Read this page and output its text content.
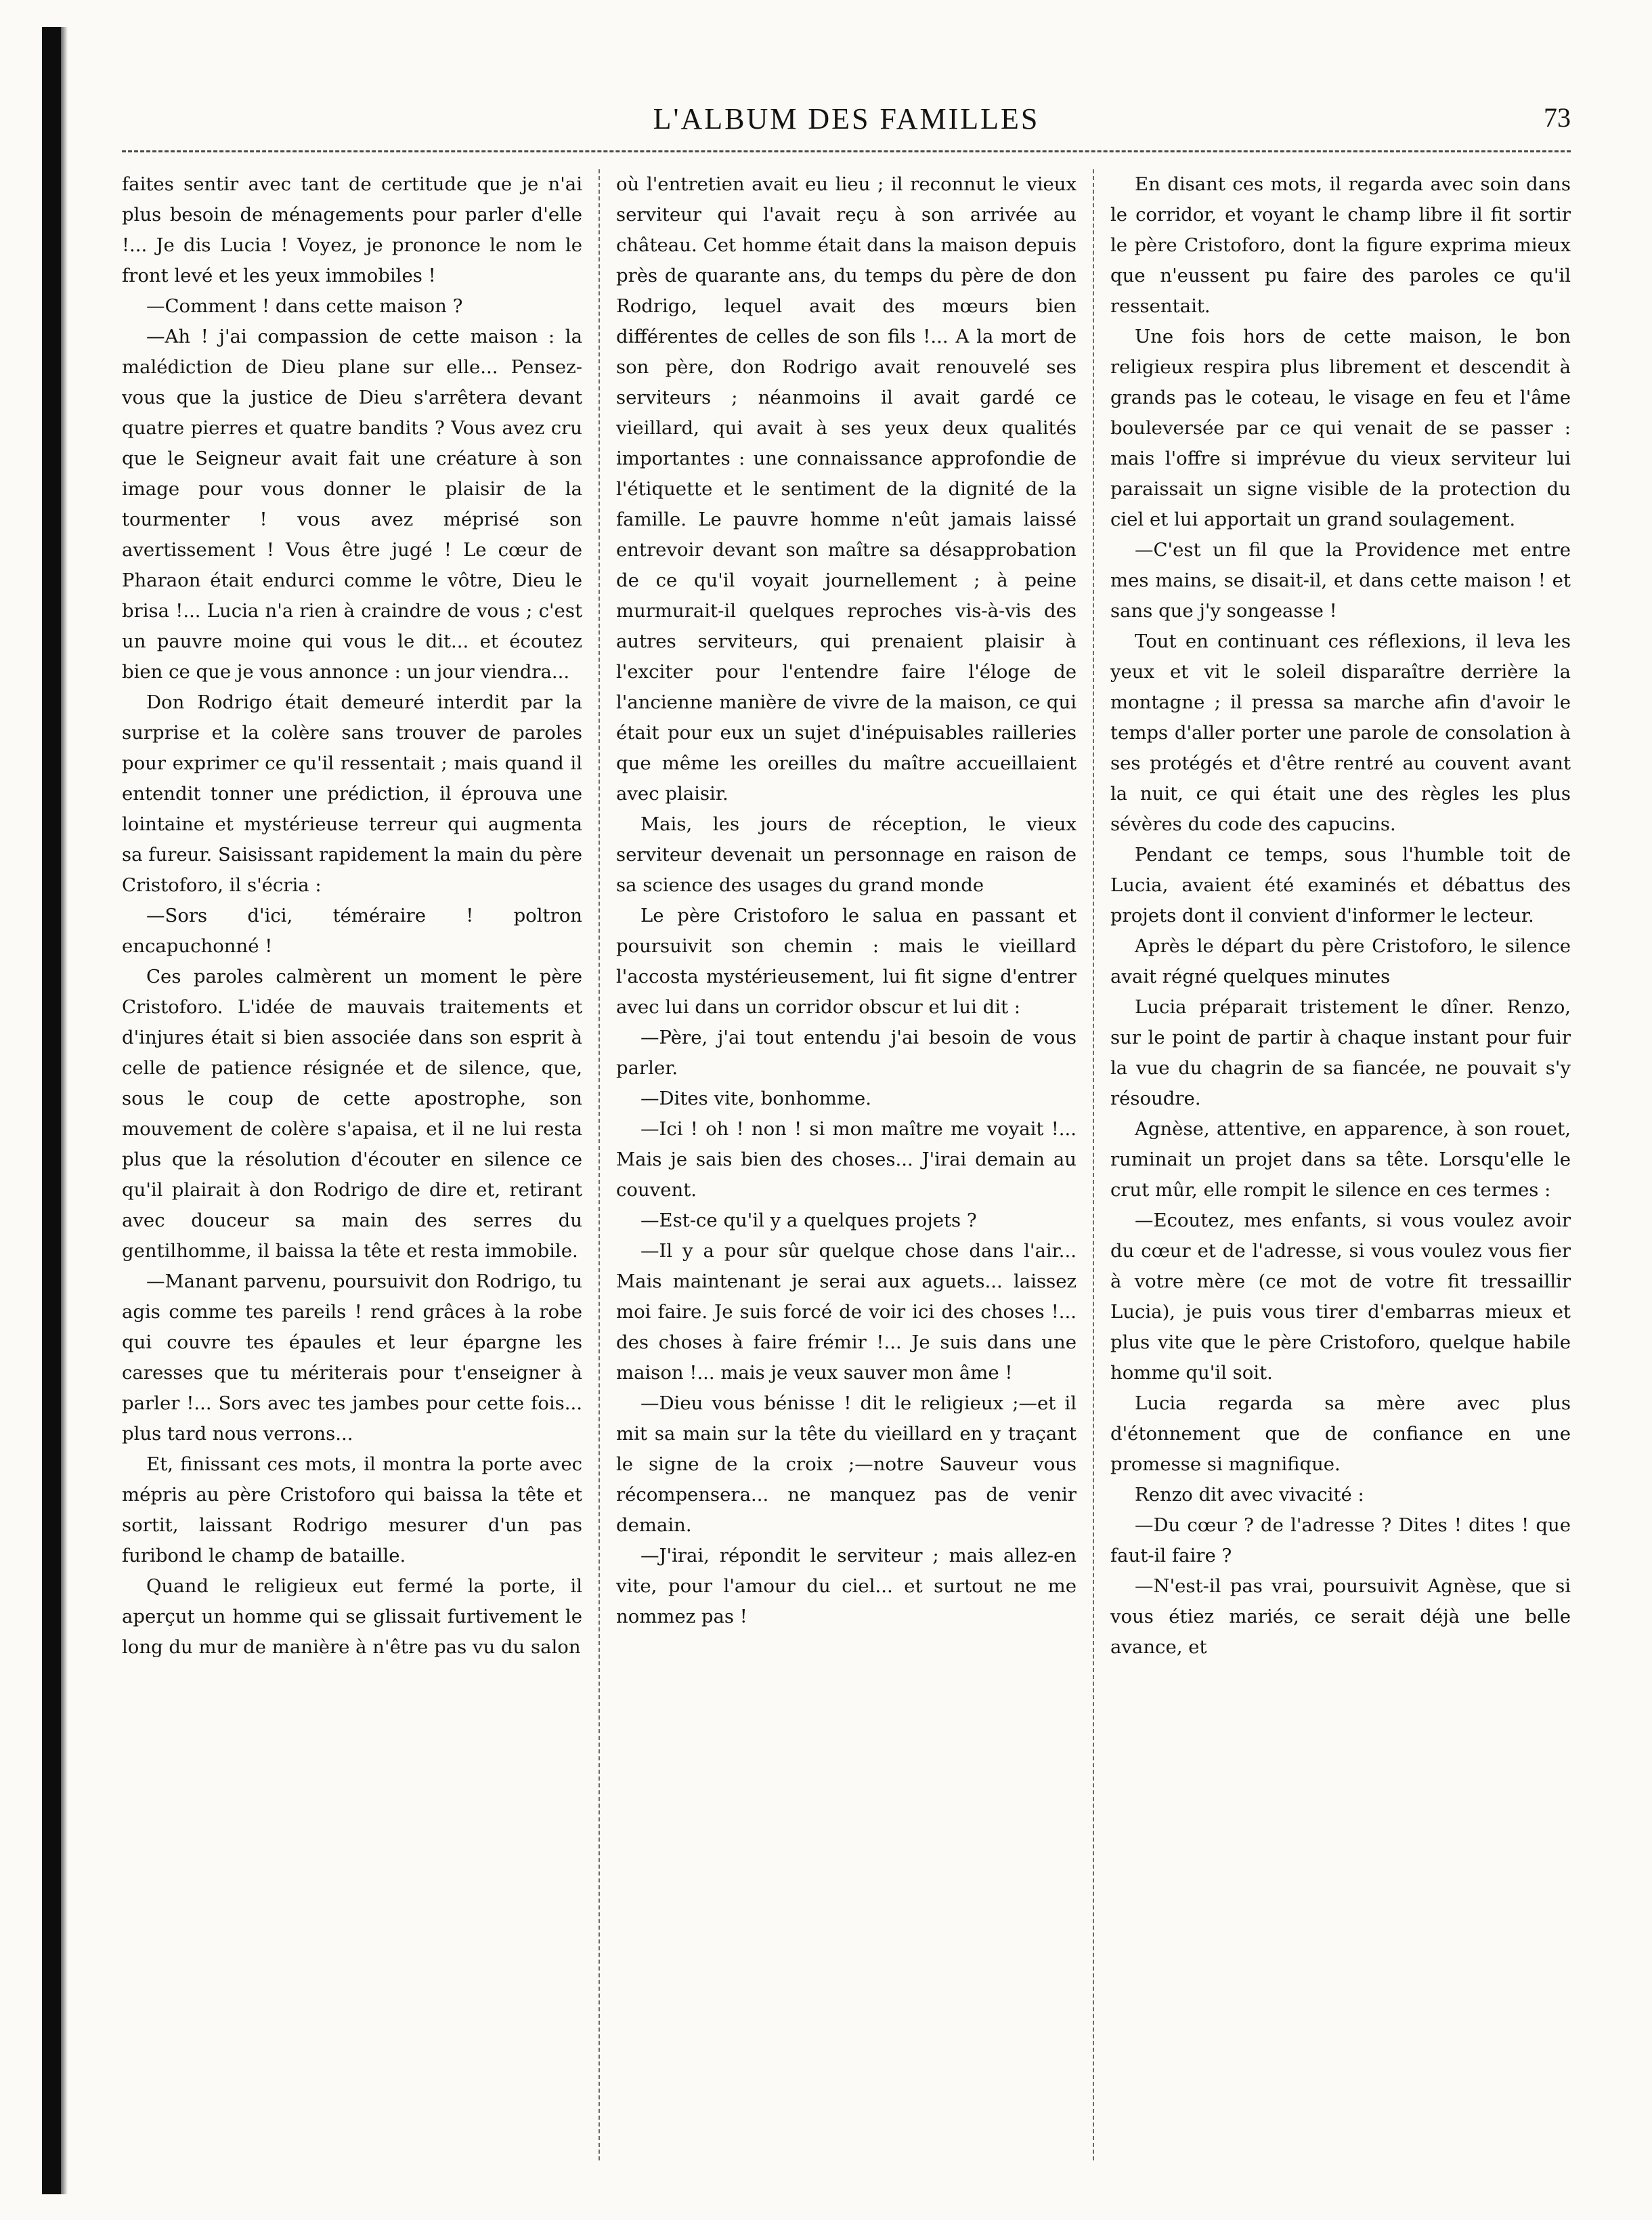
L'ALBUM DES FAMILLES	73

faites sentir avec tant de certitude que je n'ai plus besoin de ménagements pour parler d'elle !... Je dis Lucia ! Voyez, je prononce le nom le front levé et les yeux immobiles !

—Comment ! dans cette maison ?

—Ah ! j'ai compassion de cette maison : la malédiction de Dieu plane sur elle... Pensez-vous que la justice de Dieu s'arrêtera devant quatre pierres et quatre bandits ? Vous avez cru que le Seigneur avait fait une créature à son image pour vous donner le plaisir de la tourmenter ! vous avez méprisé son avertissement ! Vous être jugé ! Le cœur de Pharaon était endurci comme le vôtre, Dieu le brisa !... Lucia n'a rien à craindre de vous ; c'est un pauvre moine qui vous le dit... et écoutez bien ce que je vous annonce : un jour viendra...

Don Rodrigo était demeuré interdit par la surprise et la colère sans trouver de paroles pour exprimer ce qu'il ressentait ; mais quand il entendit tonner une prédiction, il éprouva une lointaine et mystérieuse terreur qui augmenta sa fureur. Saisissant rapidement la main du père Cristoforo, il s'écria :

—Sors d'ici, téméraire ! poltron encapuchonné !

Ces paroles calmèrent un moment le père Cristoforo. L'idée de mauvais traitements et d'injures était si bien associée dans son esprit à celle de patience résignée et de silence, que, sous le coup de cette apostrophe, son mouvement de colère s'apaisa, et il ne lui resta plus que la résolution d'écouter en silence ce qu'il plairait à don Rodrigo de dire et, retirant avec douceur sa main des serres du gentilhomme, il baissa la tête et resta immobile.

—Manant parvenu, poursuivit don Rodrigo, tu agis comme tes pareils ! rend grâces à la robe qui couvre tes épaules et leur épargne les caresses que tu mériterais pour t'enseigner à parler !... Sors avec tes jambes pour cette fois... plus tard nous verrons...

Et, finissant ces mots, il montra la porte avec mépris au père Cristoforo qui baissa la tête et sortit, laissant Rodrigo mesurer d'un pas furibond le champ de bataille.

Quand le religieux eut fermé la porte, il aperçut un homme qui se glissait furtivement le long du mur de manière à n'être pas vu du salon

où l'entretien avait eu lieu ; il reconnut le vieux serviteur qui l'avait reçu à son arrivée au château. Cet homme était dans la maison depuis près de quarante ans, du temps du père de don Rodrigo, lequel avait des mœurs bien différentes de celles de son fils !... A la mort de son père, don Rodrigo avait renouvelé ses serviteurs ; néanmoins il avait gardé ce vieillard, qui avait à ses yeux deux qualités importantes : une connaissance approfondie de l'étiquette et le sentiment de la dignité de la famille. Le pauvre homme n'eût jamais laissé entrevoir devant son maître sa désapprobation de ce qu'il voyait journellement ; à peine murmurait-il quelques reproches vis-à-vis des autres serviteurs, qui prenaient plaisir à l'exciter pour l'entendre faire l'éloge de l'ancienne manière de vivre de la maison, ce qui était pour eux un sujet d'inépuisables railleries que même les oreilles du maître accueillaient avec plaisir.

Mais, les jours de réception, le vieux serviteur devenait un personnage en raison de sa science des usages du grand monde

Le père Cristoforo le salua en passant et poursuivit son chemin : mais le vieillard l'accosta mystérieusement, lui fit signe d'entrer avec lui dans un corridor obscur et lui dit :

—Père, j'ai tout entendu j'ai besoin de vous parler.

—Dites vite, bonhomme.

—Ici ! oh ! non ! si mon maître me voyait !... Mais je sais bien des choses... J'irai demain au couvent.

—Est-ce qu'il y a quelques projets ?

—Il y a pour sûr quelque chose dans l'air... Mais maintenant je serai aux aguets... laissez moi faire. Je suis forcé de voir ici des choses !... des choses à faire frémir !... Je suis dans une maison !... mais je veux sauver mon âme !

—Dieu vous bénisse ! dit le religieux ;—et il mit sa main sur la tête du vieillard en y traçant le signe de la croix ;—notre Sauveur vous récompensera... ne manquez pas de venir demain.

—J'irai, répondit le serviteur ; mais allez-en vite, pour l'amour du ciel... et surtout ne me nommez pas !

En disant ces mots, il regarda avec soin dans le corridor, et voyant le champ libre il fit sortir le père Cristoforo, dont la figure exprima mieux que n'eussent pu faire des paroles ce qu'il ressentait.

Une fois hors de cette maison, le bon religieux respira plus librement et descendit à grands pas le coteau, le visage en feu et l'âme bouleversée par ce qui venait de se passer : mais l'offre si imprévue du vieux serviteur lui paraissait un signe visible de la protection du ciel et lui apportait un grand soulagement.

—C'est un fil que la Providence met entre mes mains, se disait-il, et dans cette maison ! et sans que j'y songeasse !

Tout en continuant ces réflexions, il leva les yeux et vit le soleil disparaître derrière la montagne ; il pressa sa marche afin d'avoir le temps d'aller porter une parole de consolation à ses protégés et d'être rentré au couvent avant la nuit, ce qui était une des règles les plus sévères du code des capucins.

Pendant ce temps, sous l'humble toit de Lucia, avaient été examinés et débattus des projets dont il convient d'informer le lecteur.

Après le départ du père Cristoforo, le silence avait régné quelques minutes

Lucia préparait tristement le dîner. Renzo, sur le point de partir à chaque instant pour fuir la vue du chagrin de sa fiancée, ne pouvait s'y résoudre.

Agnèse, attentive, en apparence, à son rouet, ruminait un projet dans sa tête. Lorsqu'elle le crut mûr, elle rompit le silence en ces termes :

—Ecoutez, mes enfants, si vous voulez avoir du cœur et de l'adresse, si vous voulez vous fier à votre mère (ce mot de votre fit tressaillir Lucia), je puis vous tirer d'embarras mieux et plus vite que le père Cristoforo, quelque habile homme qu'il soit.

Lucia regarda sa mère avec plus d'étonnement que de confiance en une promesse si magnifique.

Renzo dit avec vivacité :

—Du cœur ? de l'adresse ? Dites ! dites ! que faut-il faire ?

—N'est-il pas vrai, poursuivit Agnèse, que si vous étiez mariés, ce serait déjà une belle avance, et
